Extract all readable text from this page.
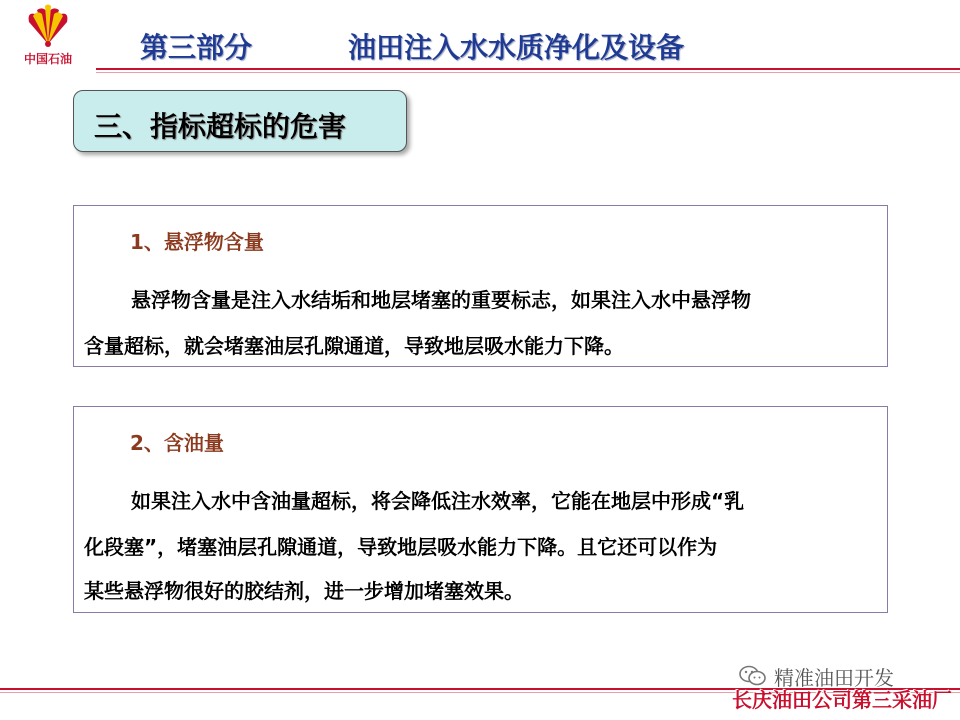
中国石油	第三部分	油田注入水水质净化及设备
三、指标超标的危害
1、悬浮物含量
悬浮物含量是注入水结垢和地层堵塞的重要标志，如果注入水中悬浮物
含量超标，就会堵塞油层孔隙通道，导致地层吸水能力下降。
2、含油量
如果注入水中含油量超标，将会降低注水效率，它能在地层中形成“乳
化段塞”，堵塞油层孔隙通道，导致地层吸水能力下降。且它还可以作为
某些悬浮物很好的胶结剂，进一步增加堵塞效果。
长庆油田公司第三采油厂
精准油田开发
